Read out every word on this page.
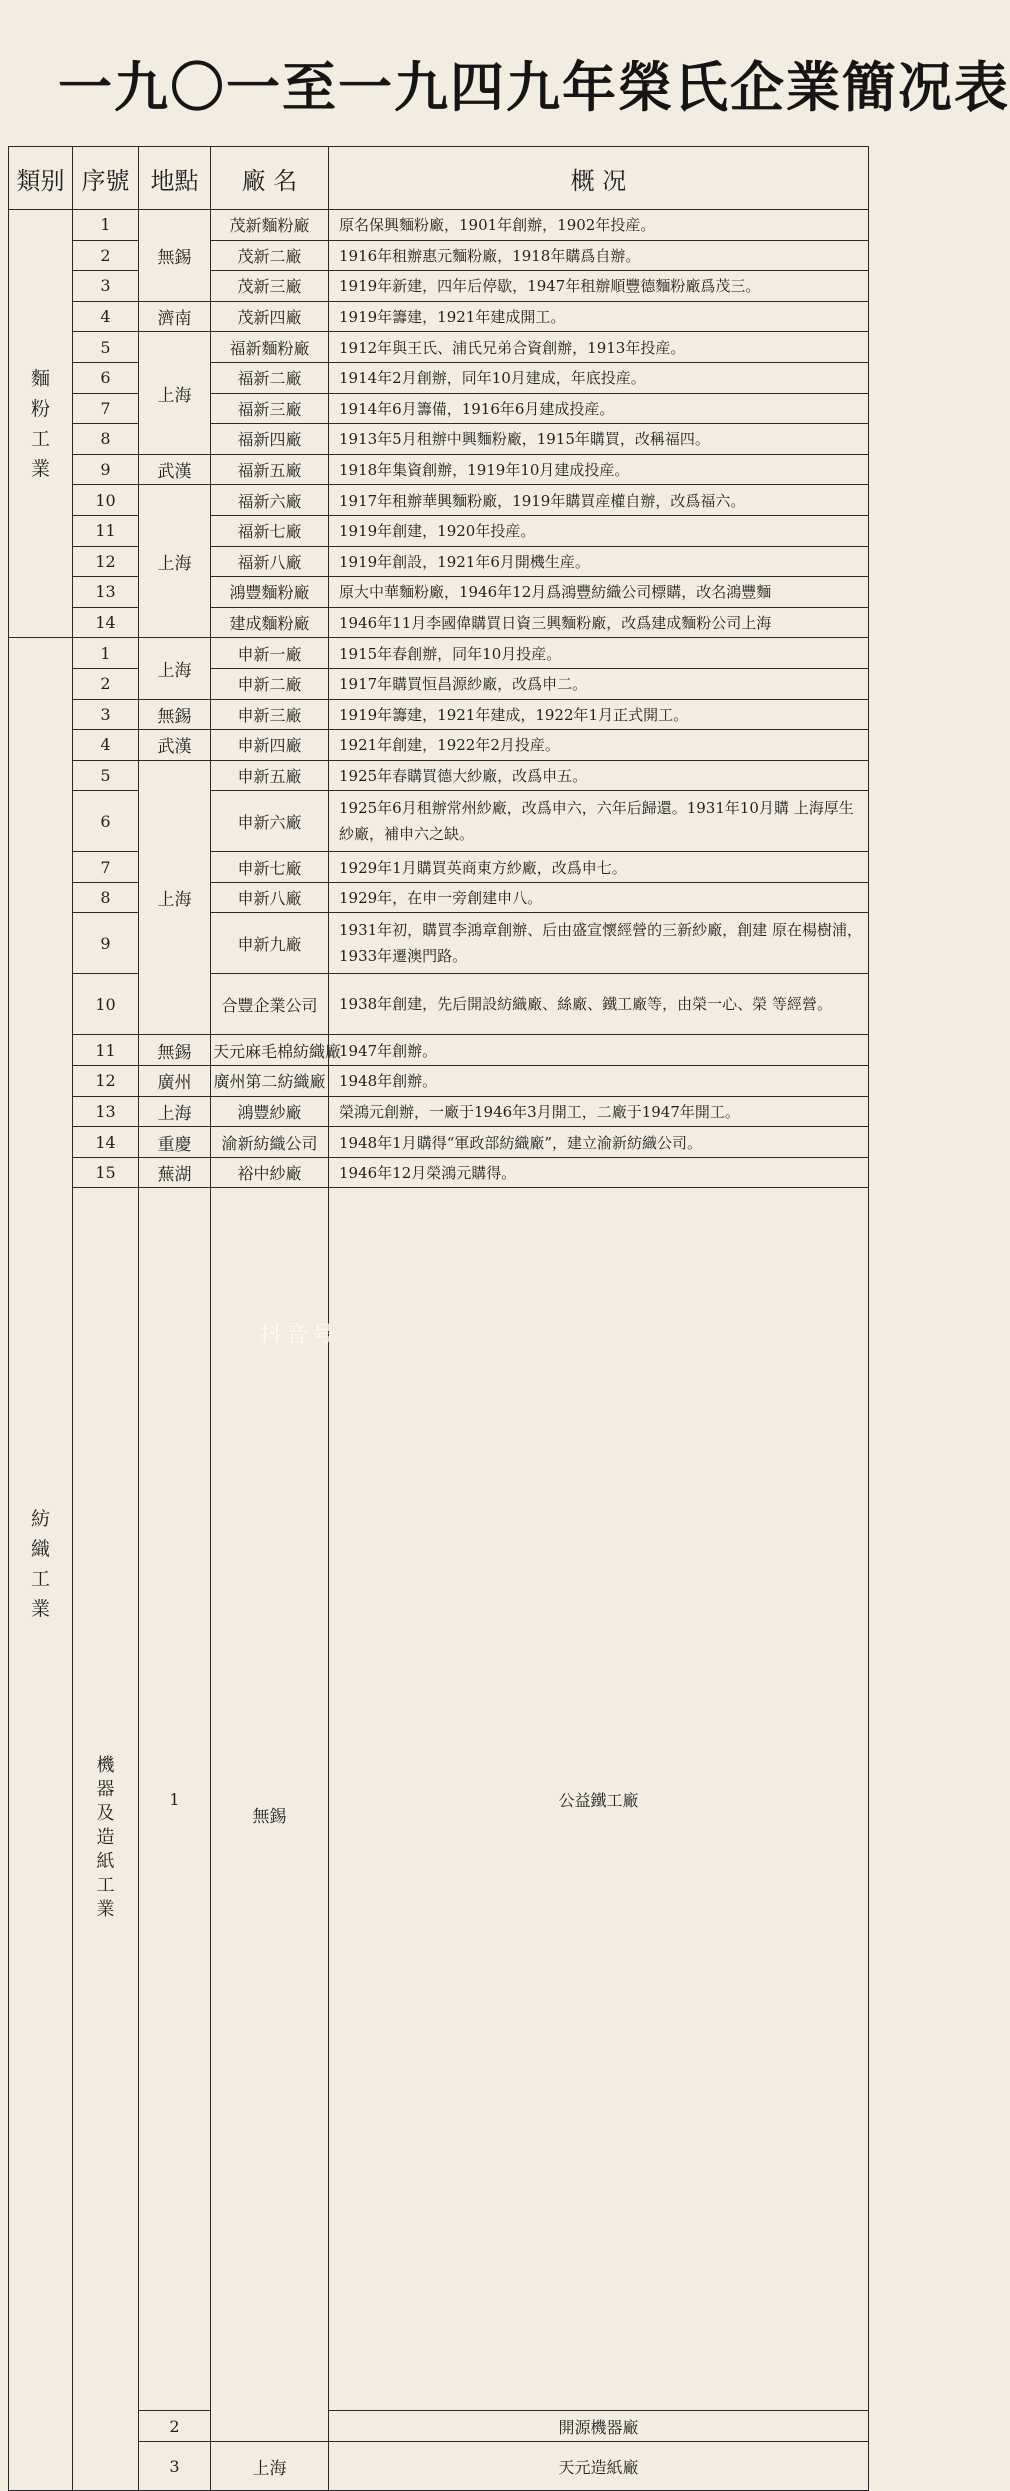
一九〇一至一九四九年榮氏企業簡况表
類别	序號	地點	廠 名	概 况	
麵粉工業	1	無錫	茂新麵粉廠	原名保興麵粉廠，1901年創辦，1902年投産。	
	2		茂新二廠	1916年租辦惠元麵粉廠，1918年購爲自辦。	
	3		茂新三廠	1919年新建，四年后停歇，1947年租辦順豐德麵粉廠爲茂三。	
	4	濟南	茂新四廠	1919年籌建，1921年建成開工。	
	5	上海	福新麵粉廠	1912年與王氏、浦氏兄弟合資創辦，1913年投産。	
	6		福新二廠	1914年2月創辦，同年10月建成，年底投産。	
	7		福新三廠	1914年6月籌備，1916年6月建成投産。	
	8		福新四廠	1913年5月租辦中興麵粉廠，1915年購買，改稱福四。	
	9	武漢	福新五廠	1918年集資創辦，1919年10月建成投産。	
	10	上海	福新六廠	1917年租辦華興麵粉廠，1919年購買産權自辦，改爲福六。	
	11		福新七廠	1919年創建，1920年投産。	
	12		福新八廠	1919年創設，1921年6月開機生産。	
	13		鴻豐麵粉廠	原大中華麵粉廠，1946年12月爲鴻豐紡織公司標購，改名鴻豐麵	
	14		建成麵粉廠	1946年11月李國偉購買日資三興麵粉廠，改爲建成麵粉公司上海	
紡織工業	1	上海	申新一廠	1915年春創辦，同年10月投産。	
	2		申新二廠	1917年購買恒昌源紗廠，改爲申二。	
	3	無錫	申新三廠	1919年籌建，1921年建成，1922年1月正式開工。	
	4	武漢	申新四廠	1921年創建，1922年2月投産。	
	5	上海	申新五廠	1925年春購買德大紗廠，改爲申五。	
	6		申新六廠	1925年6月租辦常州紗廠，改爲申六，六年后歸還。1931年10月購 上海厚生紗廠，補申六之缺。	
	7		申新七廠	1929年1月購買英商東方紗廠，改爲申七。	
	8		申新八廠	1929年，在申一旁創建申八。	
	9		申新九廠	1931年初，購買李鴻章創辦、后由盛宣懷經營的三新紗廠，創建 原在楊樹浦，1933年遷澳門路。	
	10		合豐企業公司	1938年創建，先后開設紡織廠、絲廠、鐵工廠等，由榮一心、榮 等經營。	
	11	無錫	天元麻毛棉紡織廠	1947年創辦。	
	12	廣州	廣州第二紡織廠	1948年創辦。	
	13	上海	鴻豐紗廠	榮鴻元創辦，一廠于1946年3月開工，二廠于1947年開工。	
	14	重慶	渝新紡織公司	1948年1月購得“軍政部紡織廠”，建立渝新紡織公司。	
	15	蕪湖	裕中紗廠	1946年12月榮鴻元購得。	
	機器及造紙工業	1	無錫	公益鐵工廠	
		2		開源機器廠	
		3	上海	天元造紙廠	
抖音号
